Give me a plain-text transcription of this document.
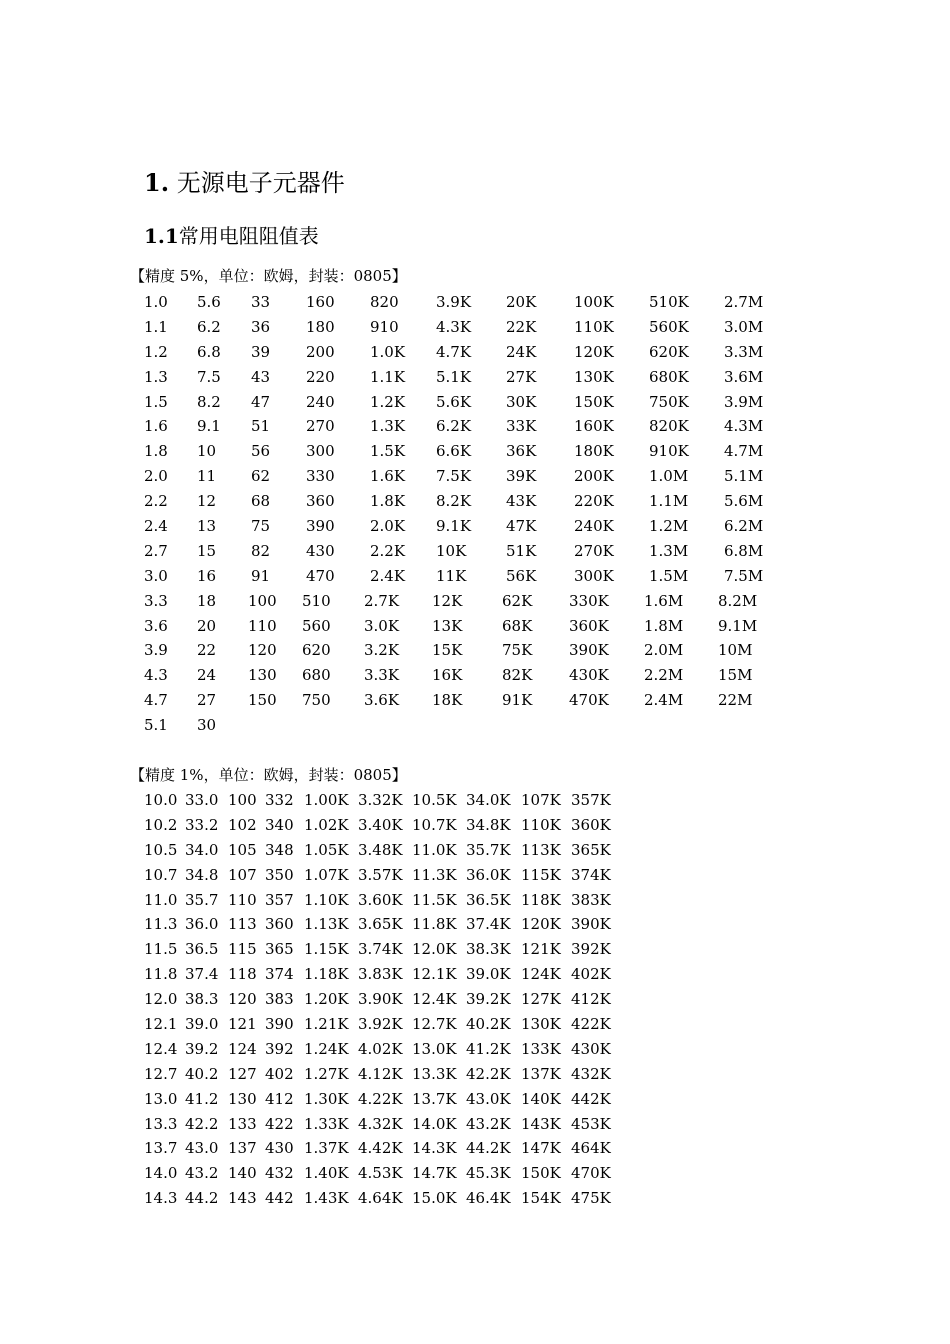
1. 无源电子元器件
1.1常用电阻阻值表
【精度 5%，单位：欧姆，封装：0805】
1.0 5.6 33 160 820 3.9K 20K	100K 510K 2.7M
1.1 6.2 36 180 910 4.3K 22K	110K 560K 3.0M
1.2 6.8 39 200 1.0K 4.7K 24K	120K 620K 3.3M
1.3 7.5 43 220 1.1K 5.1K 27K	130K 680K 3.6M
1.5 8.2 47 240 1.2K 5.6K 30K	150K 750K 3.9M
1.6 9.1 51 270 1.3K 6.2K 33K	160K 820K 4.3M
1.8 10 56 300 1.5K 6.6K 36K	180K 910K 4.7M
2.0 11 62 330 1.6K 7.5K 39K	200K 1.0M 5.1M
2.2 12 68 360 1.8K 8.2K 43K	220K 1.1M 5.6M
2.4 13 75 390 2.0K 9.1K 47K	240K 1.2M 6.2M
2.7 15 82 430 2.2K 10K	51K	270K 1.3M 6.8M
3.0 16 91 470 2.4K 11K	56K	300K 1.5M 7.5M
3.3 18 100 510 2.7K 12K	62K 330K 1.6M 8.2M
3.6 20 110 560 3.0K 13K	68K 360K 1.8M 9.1M
3.9 22 120 620 3.2K 15K	75K 390K 2.0M 10M
4.3 24 130 680 3.3K 16K	82K 430K 2.2M 15M
4.7 27 150 750 3.6K 18K	91K 470K 2.4M 22M
5.1 30
【精度 1%，单位：欧姆，封装：0805】
10.0 33.0 100 332 1.00K 3.32K 10.5K 34.0K 107K 357K
10.2 33.2 102 340 1.02K 3.40K 10.7K 34.8K 110K 360K
10.5 34.0 105 348 1.05K 3.48K 11.0K 35.7K 113K 365K
10.7 34.8 107 350 1.07K 3.57K 11.3K 36.0K 115K 374K
11.0 35.7 110 357 1.10K 3.60K 11.5K 36.5K 118K 383K
11.3 36.0 113 360 1.13K 3.65K 11.8K 37.4K 120K 390K
11.5 36.5 115 365 1.15K 3.74K 12.0K 38.3K 121K 392K
11.8 37.4 118 374 1.18K 3.83K 12.1K 39.0K 124K 402K
12.0 38.3 120 383 1.20K 3.90K 12.4K 39.2K 127K 412K
12.1 39.0 121 390 1.21K 3.92K 12.7K 40.2K 130K 422K
12.4 39.2 124 392 1.24K 4.02K 13.0K 41.2K 133K 430K
12.7 40.2 127 402 1.27K 4.12K 13.3K 42.2K 137K 432K
13.0 41.2 130 412 1.30K 4.22K 13.7K 43.0K 140K 442K
13.3 42.2 133 422 1.33K 4.32K 14.0K 43.2K 143K 453K
13.7 43.0 137 430 1.37K 4.42K 14.3K 44.2K 147K 464K
14.0 43.2 140 432 1.40K 4.53K 14.7K 45.3K 150K 470K
14.3 44.2 143 442 1.43K 4.64K 15.0K 46.4K 154K 475K
